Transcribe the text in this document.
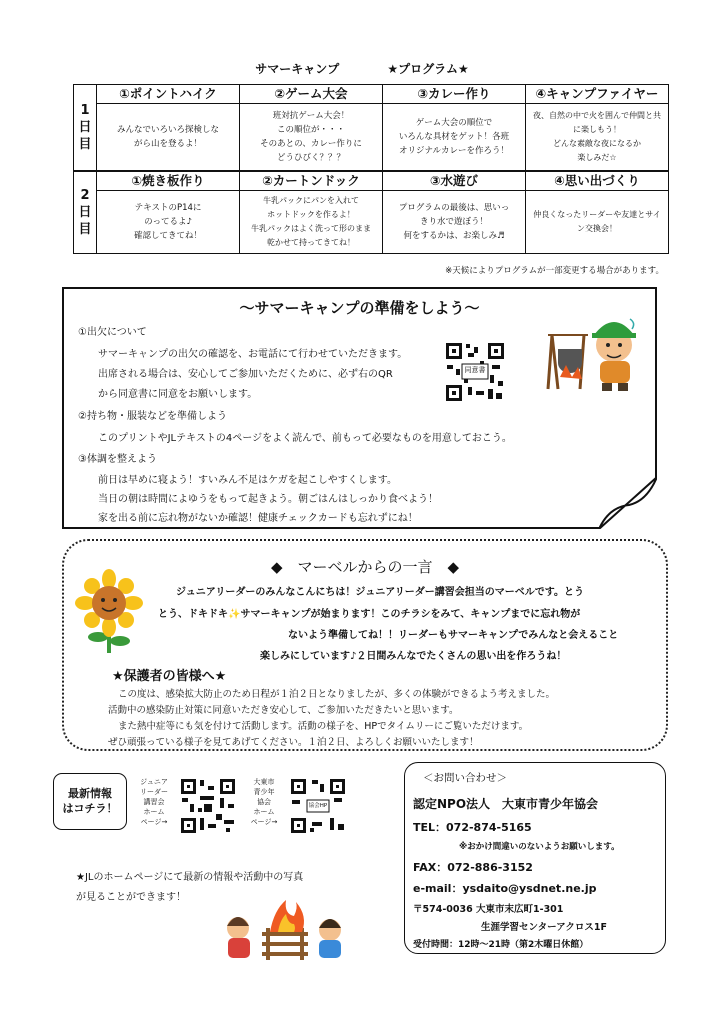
サマーキャンプ	★プログラム★
1
日
目	①ポイントハイク	②ゲーム大会	③カレー作り	④キャンプファイヤー
	みんなでいろいろ探検しな
がら山を登るよ！	班対抗ゲーム大会！
この順位が・・・
そのあとの、カレー作りに
どうひびく？？？	ゲーム大会の順位で
いろんな具材をゲット！各班
オリジナルカレーを作ろう！	夜、自然の中で火を囲んで仲間と共
に楽しもう！
どんな素敵な夜になるか
楽しみだ☆
2
日
目	①焼き板作り	②カートンドック	③水遊び	④思い出づくり
	テキストのP14に
のってるよ♪
確認してきてね！	牛乳パックにパンを入れて
ホットドックを作るよ！
牛乳パックはよく洗って形のまま
乾かせて持ってきてね！	プログラムの最後は、思いっ
きり水で遊ぼう！
何をするかは、お楽しみ♬	仲良くなったリーダーや友達とサイ
ン交換会！
※天候によりプログラムが一部変更する場合があります。
～サマーキャンプの準備をしよう～
①出欠について
サマーキャンプの出欠の確認を、お電話にて行わせていただきます。
出席される場合は、安心してご参加いただくために、必ず右のQR
から同意書に同意をお願いします。
同意書
②持ち物・服装などを準備しよう
このプリントやJLテキストの4ページをよく読んで、前もって必要なものを用意しておこう。
③体調を整えよう
前日は早めに寝よう！すいみん不足はケガを起こしやすくします。
当日の朝は時間によゆうをもって起きよう。朝ごはんはしっかり食べよう！
家を出る前に忘れ物がないか確認！健康チェックカードも忘れずにね！
◆　マーベルからの一言　◆
ジュニアリーダーのみんなこんにちは！ジュニアリーダー講習会担当のマーベルです。とう
とう、ドキドキ✨サマーキャンプが始まります！このチラシをみて、キャンプまでに忘れ物が
ないよう準備してね！！リーダーもサマーキャンプでみんなと会えること
楽しみにしています♪２日間みんなでたくさんの思い出を作ろうね！
★保護者の皆様へ★
この度は、感染拡大防止のため日程が１泊２日となりましたが、多くの体験ができるよう考えました。
活動中の感染防止対策に同意いただき安心して、ご参加いただきたいと思います。
また熱中症等にも気を付けて活動します。活動の様子を、HPでタイムリーにご覧いただけます。
ぜひ頑張っている様子を見てあげてください。１泊２日、よろしくお願いいたします！
最新情報
はコチラ！
ジュニア
リーダー
講習会
ホーム
ページ→
大東市
青少年
協会
ホーム
ページ→
協会HP
★JLのホームページにて最新の情報や活動中の写真
が見ることができます！
＜お問い合わせ＞
認定NPO法人　大東市青少年協会
TEL：072-874-5165
※おかけ間違いのないようお願いします。
FAX：072-886-3152
e-mail：ysdaito@ysdnet.ne.jp
〒574-0036 大東市末広町1-301
生涯学習センターアクロス1F
受付時間：12時～21時（第2木曜日休館）
